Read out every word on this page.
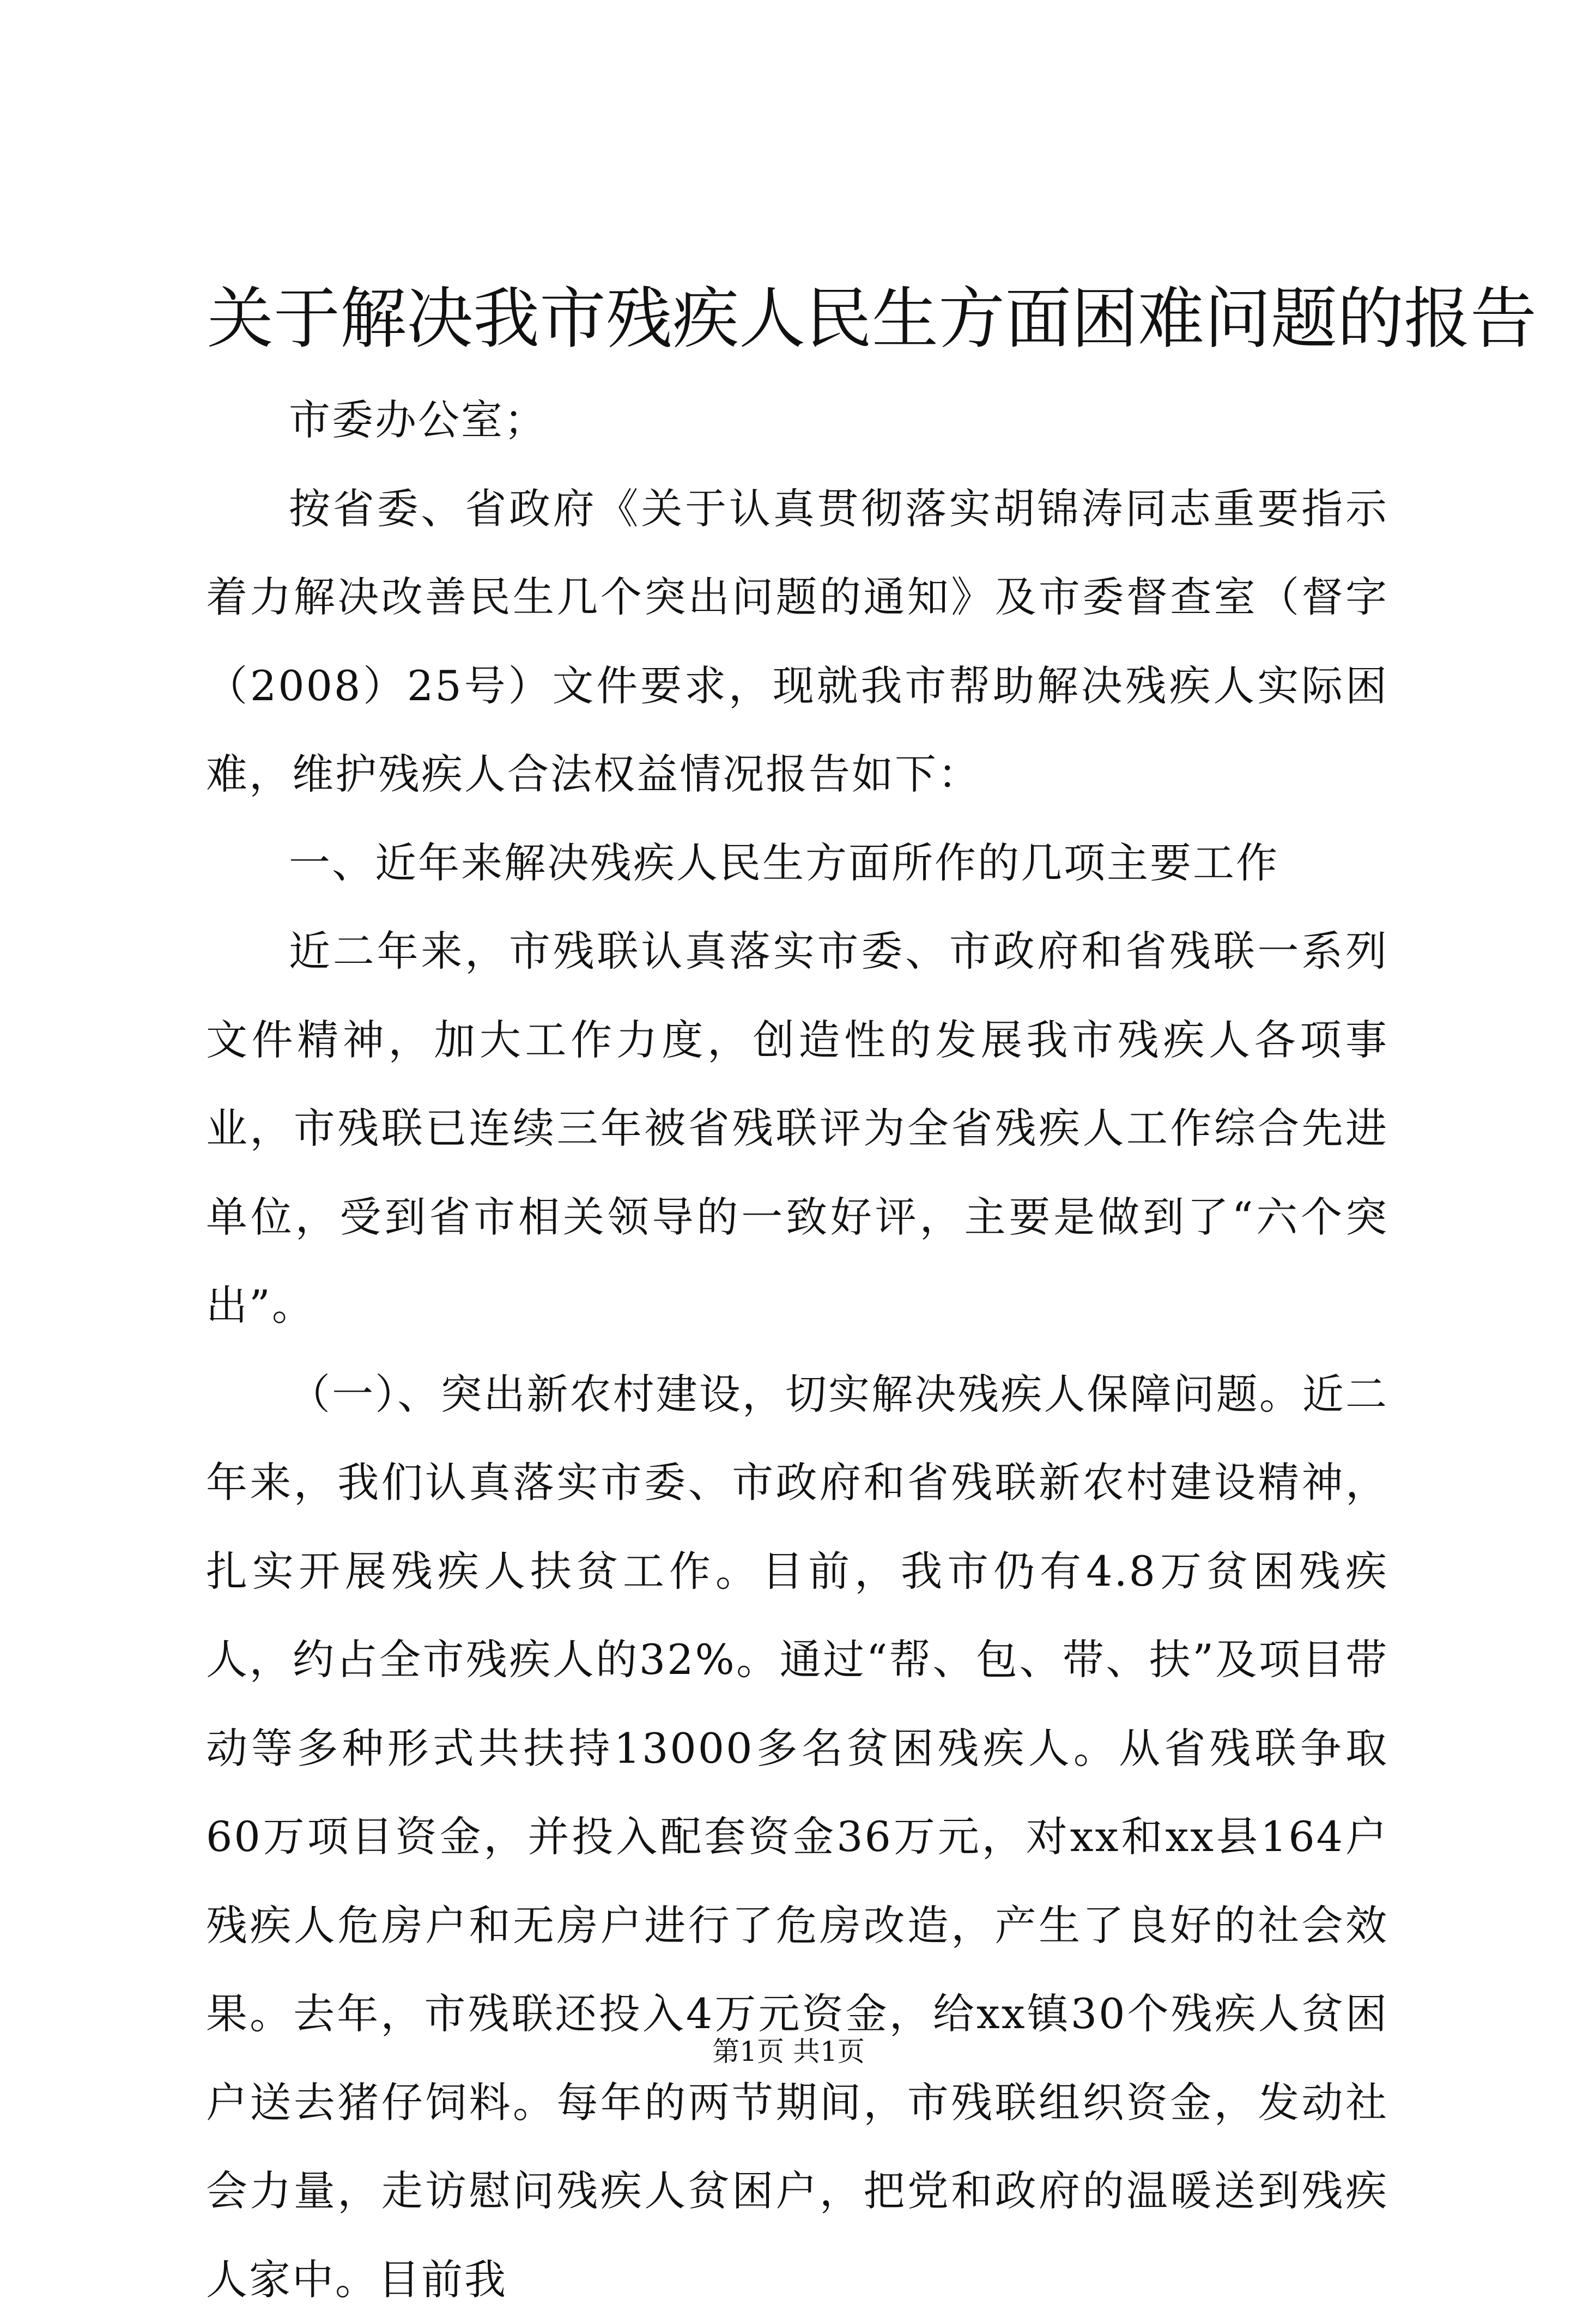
关于解决我市残疾人民生方面困难问题的报告

市委办公室；

按省委、省政府《关于认真贯彻落实胡锦涛同志重要指示着力解决改善民生几个突出问题的通知》及市委督查室（督字（2008）25号）文件要求，现就我市帮助解决残疾人实际困难，维护残疾人合法权益情况报告如下：

一、近年来解决残疾人民生方面所作的几项主要工作

近二年来，市残联认真落实市委、市政府和省残联一系列文件精神，加大工作力度，创造性的发展我市残疾人各项事业，市残联已连续三年被省残联评为全省残疾人工作综合先进单位，受到省市相关领导的一致好评，主要是做到了“六个突出”。

（一）、突出新农村建设，切实解决残疾人保障问题。近二年来，我们认真落实市委、市政府和省残联新农村建设精神，扎实开展残疾人扶贫工作。目前，我市仍有4.8万贫困残疾人，约占全市残疾人的32%。通过“帮、包、带、扶”及项目带动等多种形式共扶持13000多名贫困残疾人。从省残联争取60万项目资金，并投入配套资金36万元，对xx和xx县164户残疾人危房户和无房户进行了危房改造，产生了良好的社会效果。去年，市残联还投入4万元资金，给xx镇30个残疾人贫困户送去猪仔饲料。每年的两节期间，市残联组织资金，发动社会力量，走访慰问残疾人贫困户，把党和政府的温暖送到残疾人家中。目前我

第1页 共1页
